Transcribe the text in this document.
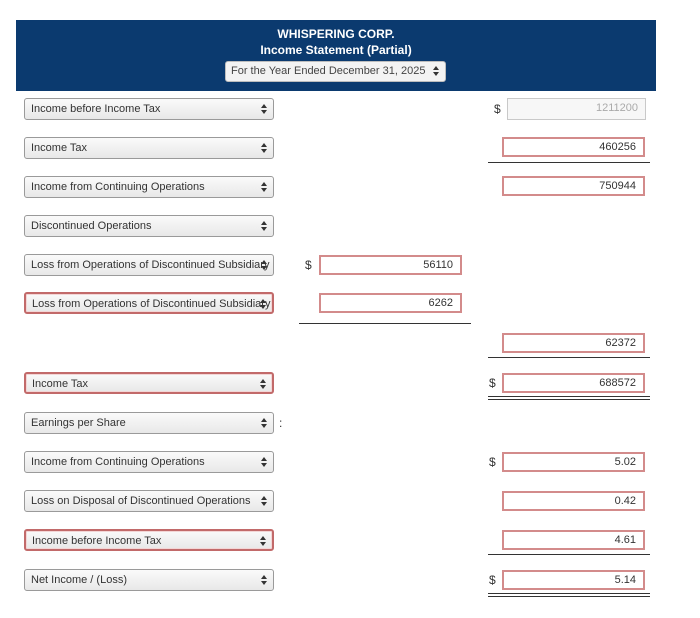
WHISPERING CORP.
Income Statement (Partial)
For the Year Ended December 31, 2025
Income before Income Tax	$	1211200
Income Tax	460256
Income from Continuing Operations	750944
Discontinued Operations
Loss from Operations of Discontinued Subsidiary	$	56110
Loss from Operations of Discontinued Subsidiary	6262
62372
Income Tax	$	688572
Earnings per Share	:
Income from Continuing Operations	$	5.02
Loss on Disposal of Discontinued Operations	0.42
Income before Income Tax	4.61
Net Income / (Loss)	$	5.14
